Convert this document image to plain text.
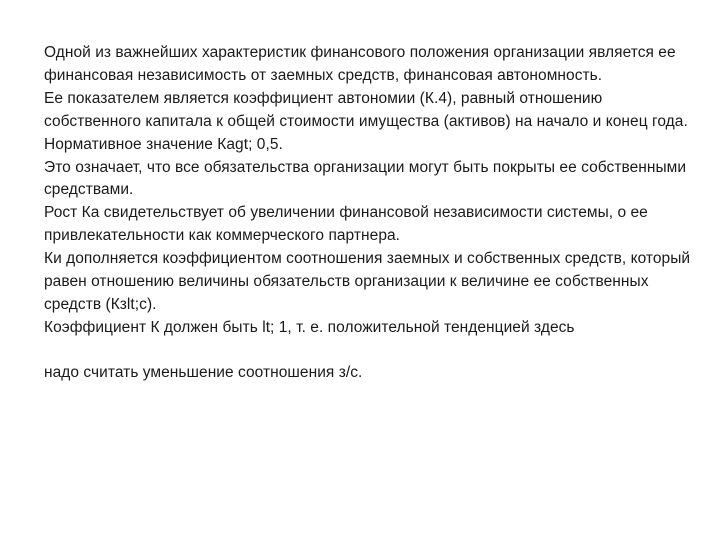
Одной из важнейших характеристик финансового положения организации является ее финансовая независимость от заемных средств, финансовая автономность.

Ее показателем является коэффициент автономии (К.4), равный отношению собственного капитала к общей стоимости имущества (активов) на начало и конец года.

Нормативное значение Кagt; 0,5.

Это означает, что все обязательства организации могут быть покрыты ее собственными средствами.

Рост Ка свидетельствует об увеличении финансовой независимости системы, о ее привлекательности как коммерческого партнера.

Ки дополняется коэффициентом соотношения заемных и собственных средств, который равен отношению величины обязательств организации к величине ее собственных средств (Кзlt;с).

Коэффициент К должен быть lt; 1, т. е. положительной тенденцией здесь

надо считать уменьшение соотношения з/с.
